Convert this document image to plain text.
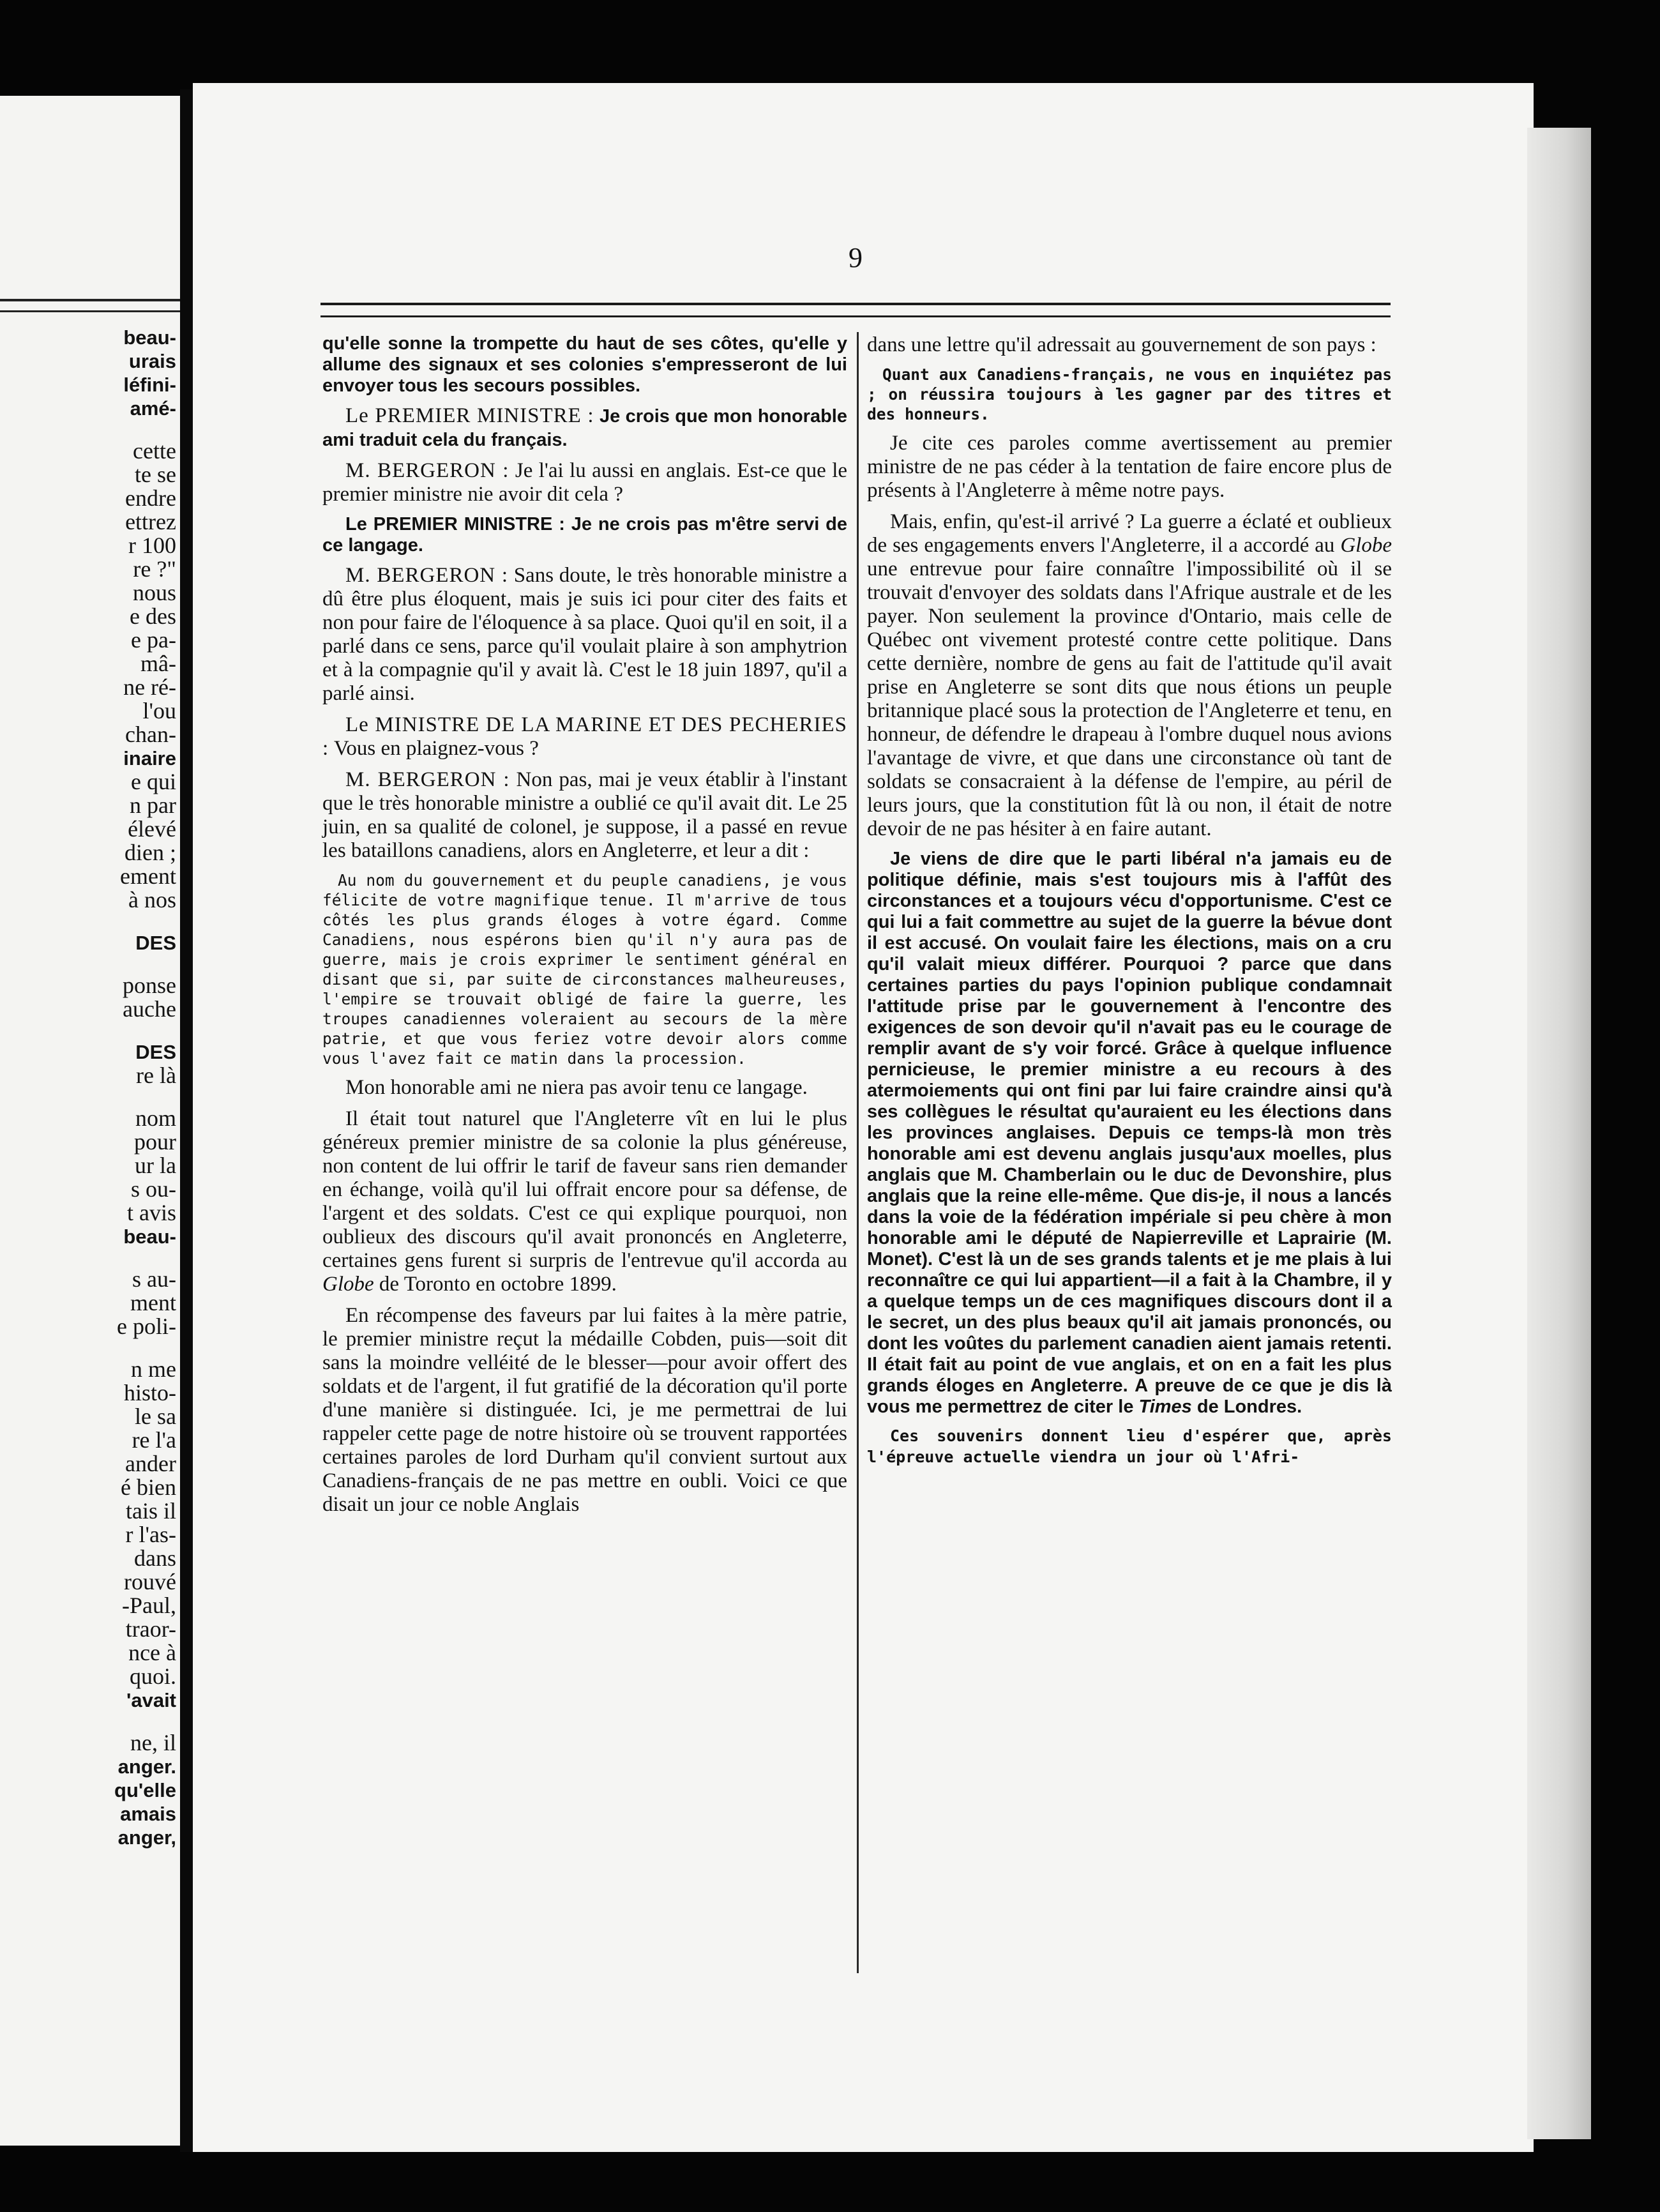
beau-
urais
léfini-
amé-
cette
te se
endre
ettrez
r 100
re ?"
nous
e des
e pa-
mâ-
ne ré-
l'ou
chan-
inaire
e qui
n par
élevé
dien ;
ement
à nos
DES
ponse
auche
DES
re là
nom
pour
ur la
s ou-
t avis
beau-
s au-
ment
e poli-
n me
histo-
le sa
re l'a
ander
é bien
tais il
r l'as-
dans
rouvé
-Paul,
traor-
nce à
quoi.
'avait
ne, il
anger.
qu'elle
amais
anger,
9

qu'elle sonne la trompette du haut de ses côtes, qu'elle y allume des signaux et ses colonies s'empresseront de lui envoyer tous les secours possibles.

Le PREMIER MINISTRE : Je crois que mon honorable ami traduit cela du français.

M. BERGERON : Je l'ai lu aussi en anglais. Est-ce que le premier ministre nie avoir dit cela ?

Le PREMIER MINISTRE : Je ne crois pas m'être servi de ce langage.

M. BERGERON : Sans doute, le très honorable ministre a dû être plus éloquent, mais je suis ici pour citer des faits et non pour faire de l'éloquence à sa place. Quoi qu'il en soit, il a parlé dans ce sens, parce qu'il voulait plaire à son amphytrion et à la compagnie qu'il y avait là. C'est le 18 juin 1897, qu'il a parlé ainsi.

Le MINISTRE DE LA MARINE ET DES PECHERIES : Vous en plaignez-vous ?

M. BERGERON : Non pas, mai je veux établir à l'instant que le très honorable ministre a oublié ce qu'il avait dit. Le 25 juin, en sa qualité de colonel, je suppose, il a passé en revue les bataillons canadiens, alors en Angleterre, et leur a dit :

Au nom du gouvernement et du peuple canadiens, je vous félicite de votre magnifique tenue. Il m'arrive de tous côtés les plus grands éloges à votre égard. Comme Canadiens, nous espérons bien qu'il n'y aura pas de guerre, mais je crois exprimer le sentiment général en disant que si, par suite de circonstances malheureuses, l'empire se trouvait obligé de faire la guerre, les troupes canadiennes voleraient au secours de la mère patrie, et que vous feriez votre devoir alors comme vous l'avez fait ce matin dans la procession.

Mon honorable ami ne niera pas avoir tenu ce langage.

Il était tout naturel que l'Angleterre vît en lui le plus généreux premier ministre de sa colonie la plus généreuse, non content de lui offrir le tarif de faveur sans rien demander en échange, voilà qu'il lui offrait encore pour sa défense, de l'argent et des soldats. C'est ce qui explique pourquoi, non oublieux des discours qu'il avait prononcés en Angleterre, certaines gens furent si surpris de l'entrevue qu'il accorda au Globe de Toronto en octobre 1899.

En récompense des faveurs par lui faites à la mère patrie, le premier ministre reçut la médaille Cobden, puis—soit dit sans la moindre velléité de le blesser—pour avoir offert des soldats et de l'argent, il fut gratifié de la décoration qu'il porte d'une manière si distinguée. Ici, je me permettrai de lui rappeler cette page de notre histoire où se trouvent rapportées certaines paroles de lord Durham qu'il convient surtout aux Canadiens-français de ne pas mettre en oubli. Voici ce que disait un jour ce noble Anglais

dans une lettre qu'il adressait au gouvernement de son pays :

Quant aux Canadiens-français, ne vous en inquiétez pas ; on réussira toujours à les gagner par des titres et des honneurs.

Je cite ces paroles comme avertissement au premier ministre de ne pas céder à la tentation de faire encore plus de présents à l'Angleterre à même notre pays.

Mais, enfin, qu'est-il arrivé ? La guerre a éclaté et oublieux de ses engagements envers l'Angleterre, il a accordé au Globe une entrevue pour faire connaître l'impossibilité où il se trouvait d'envoyer des soldats dans l'Afrique australe et de les payer. Non seulement la province d'Ontario, mais celle de Québec ont vivement protesté contre cette politique. Dans cette dernière, nombre de gens au fait de l'attitude qu'il avait prise en Angleterre se sont dits que nous étions un peuple britannique placé sous la protection de l'Angleterre et tenu, en honneur, de défendre le drapeau à l'ombre duquel nous avions l'avantage de vivre, et que dans une circonstance où tant de soldats se consacraient à la défense de l'empire, au péril de leurs jours, que la constitution fût là ou non, il était de notre devoir de ne pas hésiter à en faire autant.

Je viens de dire que le parti libéral n'a jamais eu de politique définie, mais s'est toujours mis à l'affût des circonstances et a toujours vécu d'opportunisme. C'est ce qui lui a fait commettre au sujet de la guerre la bévue dont il est accusé. On voulait faire les élections, mais on a cru qu'il valait mieux différer. Pourquoi ? parce que dans certaines parties du pays l'opinion publique condamnait l'attitude prise par le gouvernement à l'encontre des exigences de son devoir qu'il n'avait pas eu le courage de remplir avant de s'y voir forcé. Grâce à quelque influence pernicieuse, le premier ministre a eu recours à des atermoiements qui ont fini par lui faire craindre ainsi qu'à ses collègues le résultat qu'auraient eu les élections dans les provinces anglaises. Depuis ce temps-là mon très honorable ami est devenu anglais jusqu'aux moelles, plus anglais que M. Chamberlain ou le duc de Devonshire, plus anglais que la reine elle-même. Que dis-je, il nous a lancés dans la voie de la fédération impériale si peu chère à mon honorable ami le député de Napierreville et Laprairie (M. Monet). C'est là un de ses grands talents et je me plais à lui reconnaître ce qui lui appartient—il a fait à la Chambre, il y a quelque temps un de ces magnifiques discours dont il a le secret, un des plus beaux qu'il ait jamais prononcés, ou dont les voûtes du parlement canadien aient jamais retenti. Il était fait au point de vue anglais, et on en a fait les plus grands éloges en Angleterre. A preuve de ce que je dis là vous me permettrez de citer le Times de Londres.

Ces souvenirs donnent lieu d'espérer que, après l'épreuve actuelle viendra un jour où l'Afri-
